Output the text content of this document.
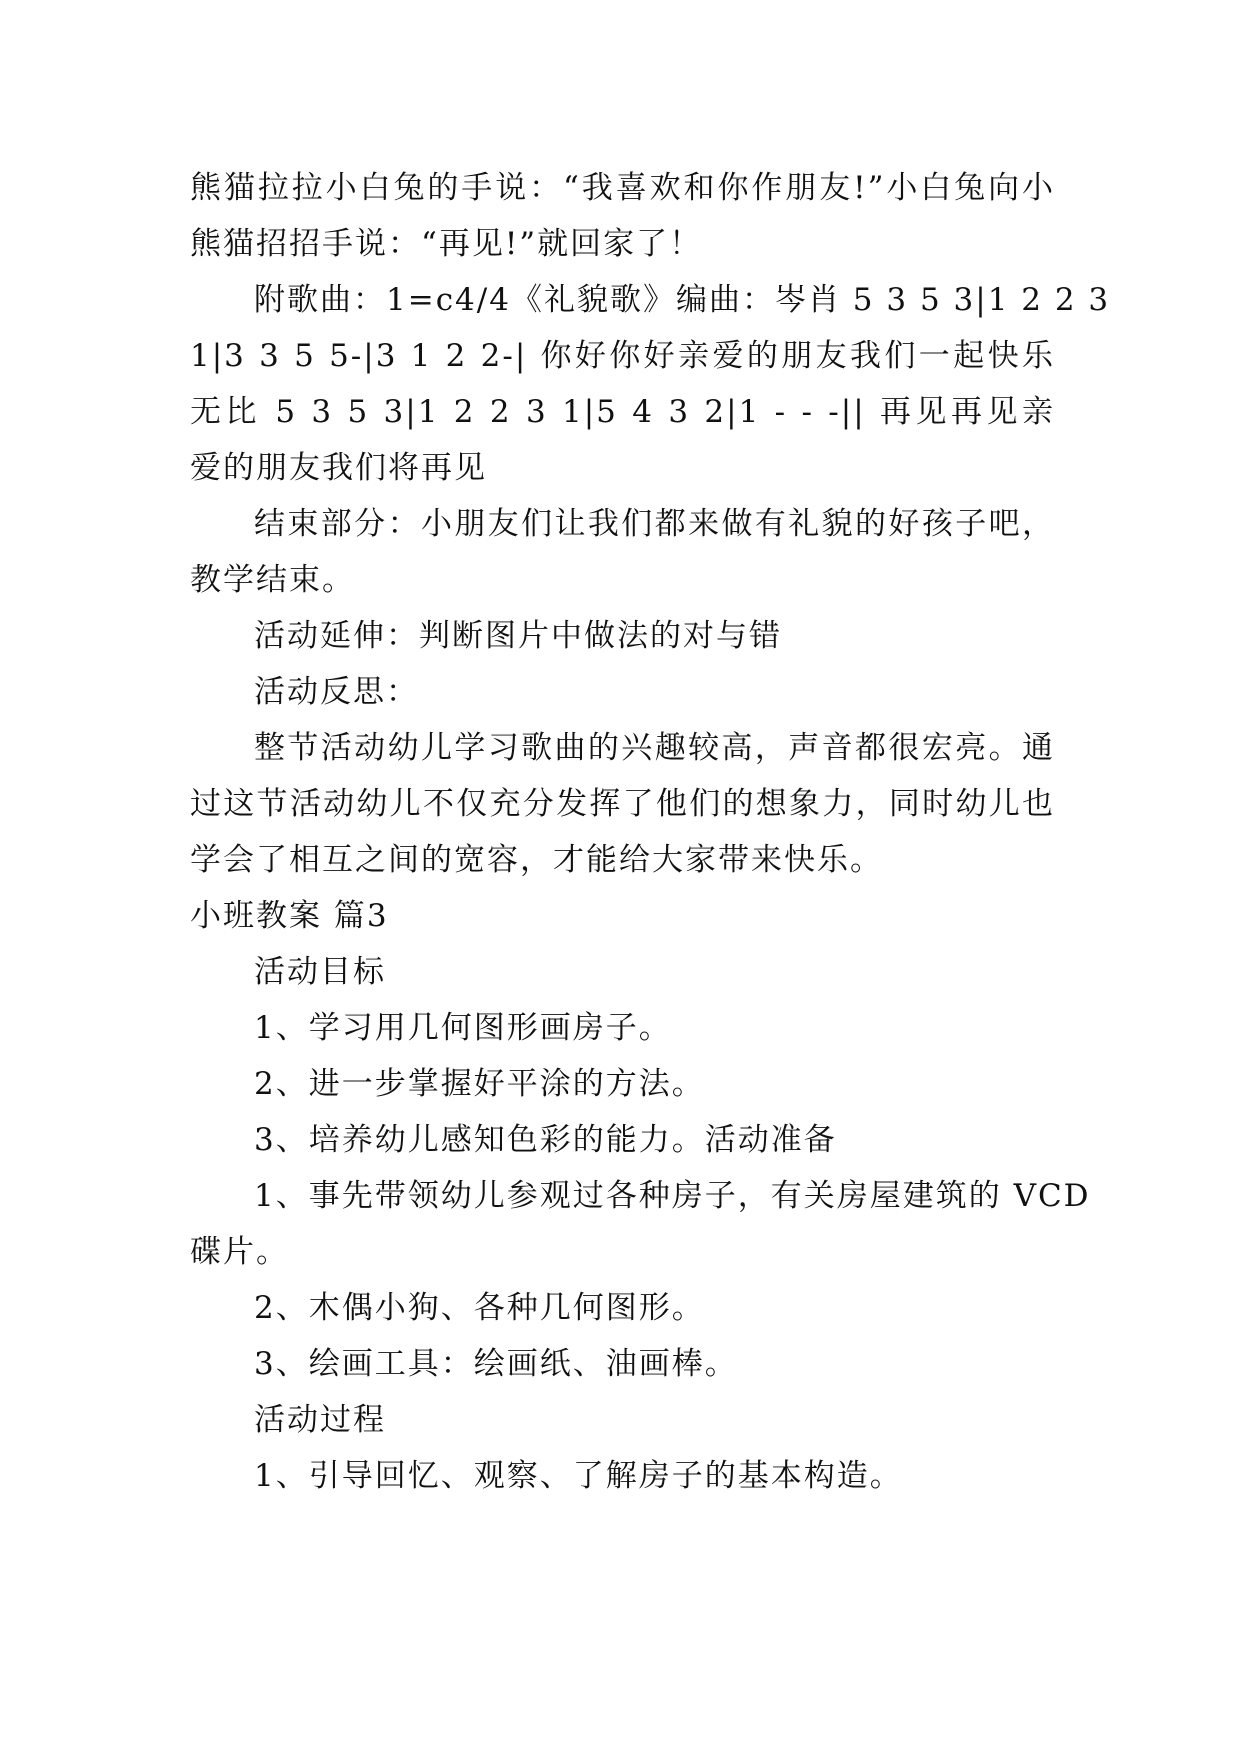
熊猫拉拉小白兔的手说：“我喜欢和你作朋友!”小白兔向小
熊猫招招手说：“再见!”就回家了！
附歌曲：1=c4/4《礼貌歌》编曲：岑肖 5 3 5 3|1 2 2 3
1|3 3 5 5-|3 1 2 2-| 你好你好亲爱的朋友我们一起快乐
无比 5 3 5 3|1 2 2 3 1|5 4 3 2|1 - - -|| 再见再见亲
爱的朋友我们将再见
结束部分：小朋友们让我们都来做有礼貌的好孩子吧，
教学结束。
活动延伸：判断图片中做法的对与错
活动反思：
整节活动幼儿学习歌曲的兴趣较高，声音都很宏亮。通
过这节活动幼儿不仅充分发挥了他们的想象力，同时幼儿也
学会了相互之间的宽容，才能给大家带来快乐。
小班教案 篇3
活动目标
1、学习用几何图形画房子。
2、进一步掌握好平涂的方法。
3、培养幼儿感知色彩的能力。活动准备
1、事先带领幼儿参观过各种房子，有关房屋建筑的 VCD
碟片。
2、木偶小狗、各种几何图形。
3、绘画工具：绘画纸、油画棒。
活动过程
1、引导回忆、观察、了解房子的基本构造。
